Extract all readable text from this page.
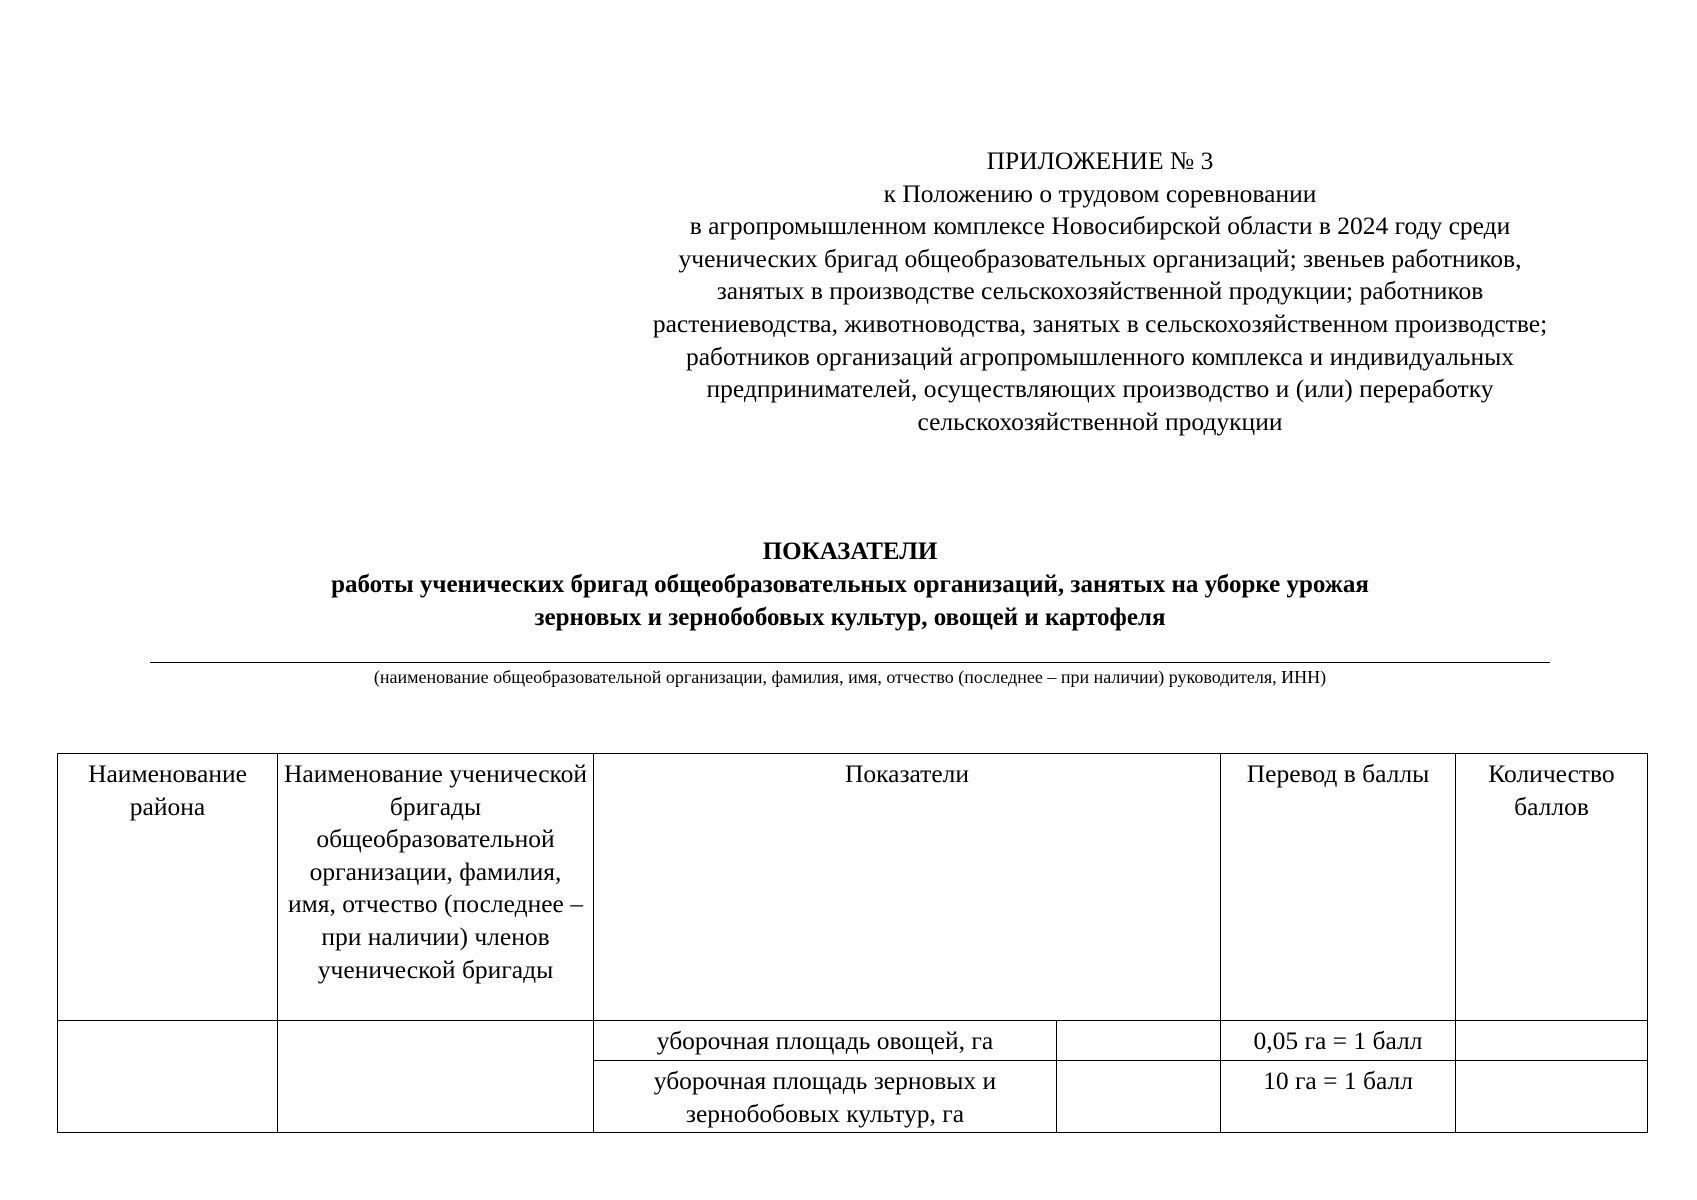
ПРИЛОЖЕНИЕ № 3
к Положению о трудовом соревновании
в агропромышленном комплексе Новосибирской области в 2024 году среди
ученических бригад общеобразовательных организаций; звеньев работников,
занятых в производстве сельскохозяйственной продукции; работников
растениеводства, животноводства, занятых в сельскохозяйственном производстве;
работников организаций агропромышленного комплекса и индивидуальных
предпринимателей, осуществляющих производство и (или) переработку
сельскохозяйственной продукции
ПОКАЗАТЕЛИ
работы ученических бригад общеобразовательных организаций, занятых на уборке урожая
зерновых и зернобобовых культур, овощей и картофеля
(наименование общеобразовательной организации, фамилия, имя, отчество (последнее – при наличии) руководителя, ИНН)
Наименование района	Наименование ученической бригады общеобразовательной организации, фамилия, имя, отчество (последнее – при наличии) членов ученической бригады	Показатели		Перевод в баллы	Количество баллов
		уборочная площадь овощей, га		0,05 га = 1 балл	
		уборочная площадь зерновых и зернобобовых культур, га		10 га = 1 балл	
